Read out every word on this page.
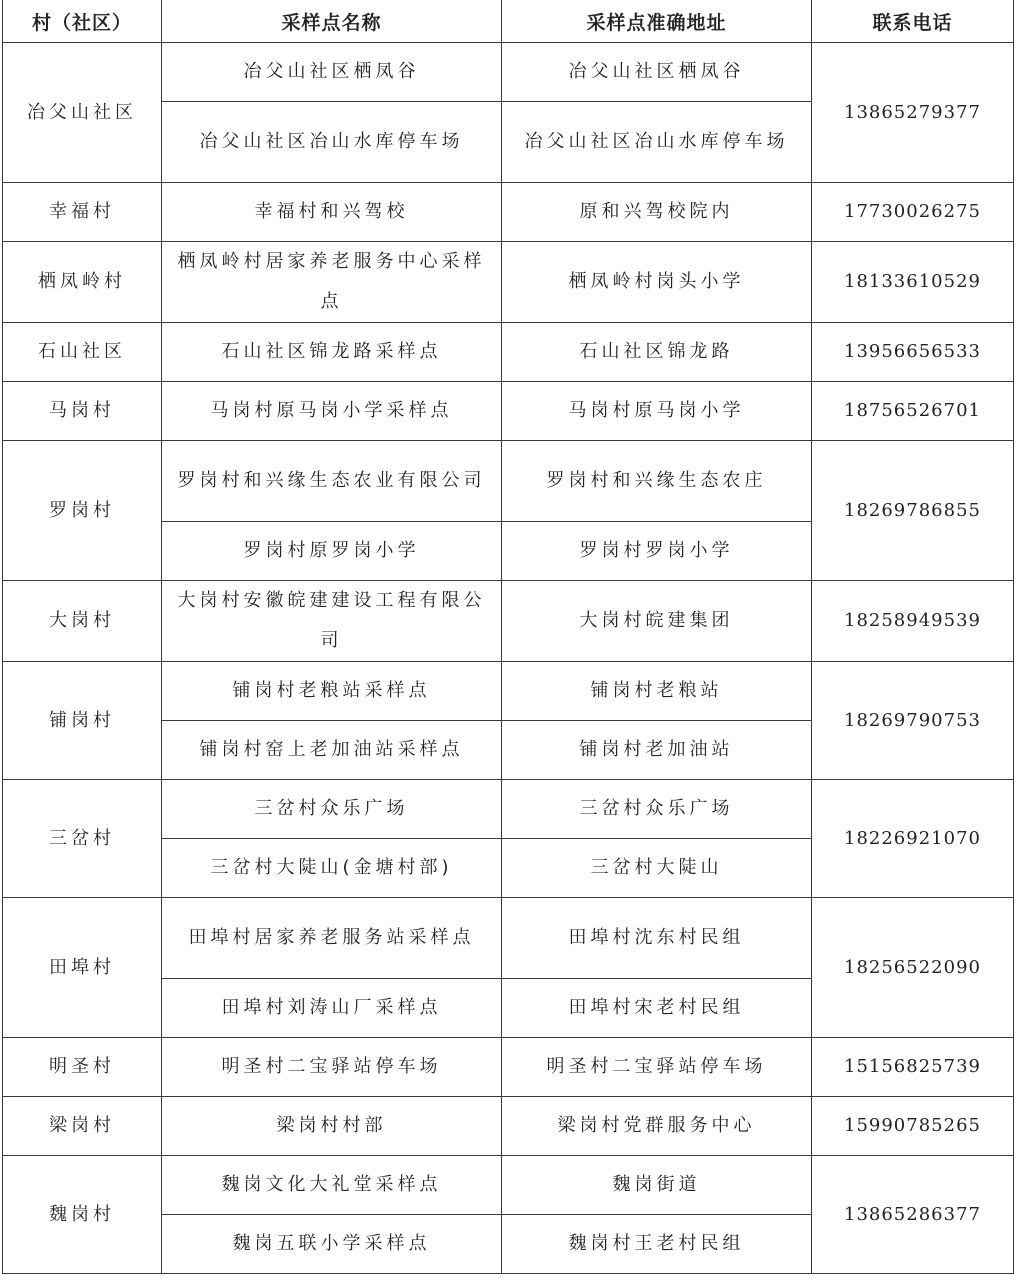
村（社区）	采样点名称	采样点准确地址	联系电话
冶父山社区	冶父山社区栖凤谷	冶父山社区栖凤谷	13865279377
	冶父山社区冶山水库停车场	冶父山社区冶山水库停车场	
幸福村	幸福村和兴驾校	原和兴驾校院内	17730026275
栖凤岭村	栖凤岭村居家养老服务中心采样点	栖凤岭村岗头小学	18133610529
石山社区	石山社区锦龙路采样点	石山社区锦龙路	13956656533
马岗村	马岗村原马岗小学采样点	马岗村原马岗小学	18756526701
罗岗村	罗岗村和兴缘生态农业有限公司	罗岗村和兴缘生态农庄	18269786855
	罗岗村原罗岗小学	罗岗村罗岗小学	
大岗村	大岗村安徽皖建建设工程有限公司	大岗村皖建集团	18258949539
铺岗村	铺岗村老粮站采样点	铺岗村老粮站	18269790753
	铺岗村窑上老加油站采样点	铺岗村老加油站	
三岔村	三岔村众乐广场	三岔村众乐广场	18226921070
	三岔村大陡山(金塘村部)	三岔村大陡山	
田埠村	田埠村居家养老服务站采样点	田埠村沈东村民组	18256522090
	田埠村刘涛山厂采样点	田埠村宋老村民组	
明圣村	明圣村二宝驿站停车场	明圣村二宝驿站停车场	15156825739
梁岗村	梁岗村村部	梁岗村党群服务中心	15990785265
魏岗村	魏岗文化大礼堂采样点	魏岗街道	13865286377
	魏岗五联小学采样点	魏岗村王老村民组	
